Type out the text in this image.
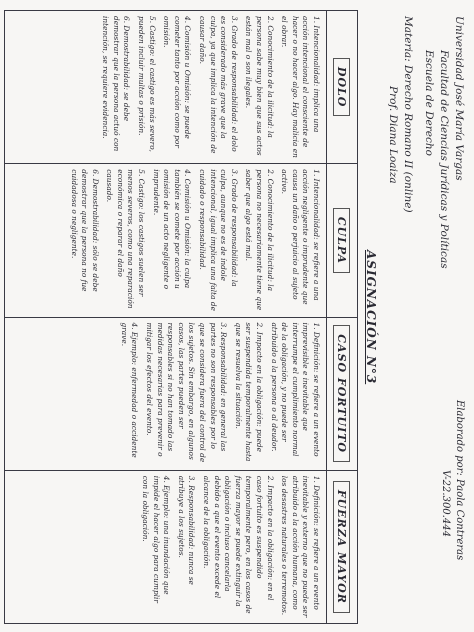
Universidad José María Vargas
Facultad de Ciencias Jurídicas y Políticas
Escuela de Derecho
Materia: Derecho Romano II (online)
Prof. Diana Loaiza
Elaborado por: Paola Contreras
V-22.300.444
ASIGNACIÓN N°3
DOLO

1. Intencionalidad: implica una acción intencional el consciente de hacer o no hacer algo. Hay malicia en el obrar.

2. Conocimiento de la ilicitud: la persona sabe muy bien que sus actos están mal o son ilegales.

3. Grado de responsabilidad: el dolo es considerado más grave que la culpa, ya que implica la intención de causar daño.

4. Comisión u Omisión: se puede cometer tanto por acción como por omisión.

5. Castigo: el castigo es más severo, pueden incluir multas o prisión.

6. Demostrabilidad: se debe demostrar que la persona actuó con intención, se requiere evidencia.

CULPA

1. Intencionalidad: se refiere a una acción negligente o imprudente que causa un daño o perjuicio al sujeto activo.

2. Conocimiento de la ilicitud: la persona no necesariamente tiene que saber que algo está mal.

3. Grado de responsabilidad: la culpa, aunque no es de índole intencional, igual implica una falta de cuidado o responsabilidad.

4. Comisión u Omisión: la culpa también se comete por acción u omisión de un acto negligente o imprudente.

5. Castigo: los castigos suelen ser menos severos, como una reparación económica o reparar el daño causado.

6. Demostrabilidad: sólo se debe demostrar que la persona no fue cuidadosa o negligente.

CASO FORTUITO

1. Definición: se refiere a un evento imprevisible e inevitable que interrumpe el cumplimiento normal de la obligación, y no puede ser atribuido a la persona o al deudor.

2. Impacto en la obligación: puede ser suspendida temporalmente hasta que se resuelva la situación.

3. Responsabilidad: en general las partes no son responsables por lo que se considera fuera del control de los sujetos. Sin embargo, en algunos casos, las partes pueden ser responsables si no han tomado las medidas necesarias para prevenir o mitigar los efectos del evento.

4. Ejemplo: enfermedad o accidente grave.

FUERZA MAYOR

1. Definición: se refiere a un evento inevitable y externo que no puede ser atribuido a la acción humana, como los desastres naturales o terremotos.

2. Impacto en la obligación: en el caso fortuito es suspendido temporalmente pero, en los casos de fuerza mayor se puede extinguir la obligación o incluso cancelarla debido a que el evento excede el alcance de la obligación.

3. Responsabilidad: nunca se atribuye a los sujetos.

4. Ejemplo: una inundación que impide el hacer algo para cumplir con la obligación.
